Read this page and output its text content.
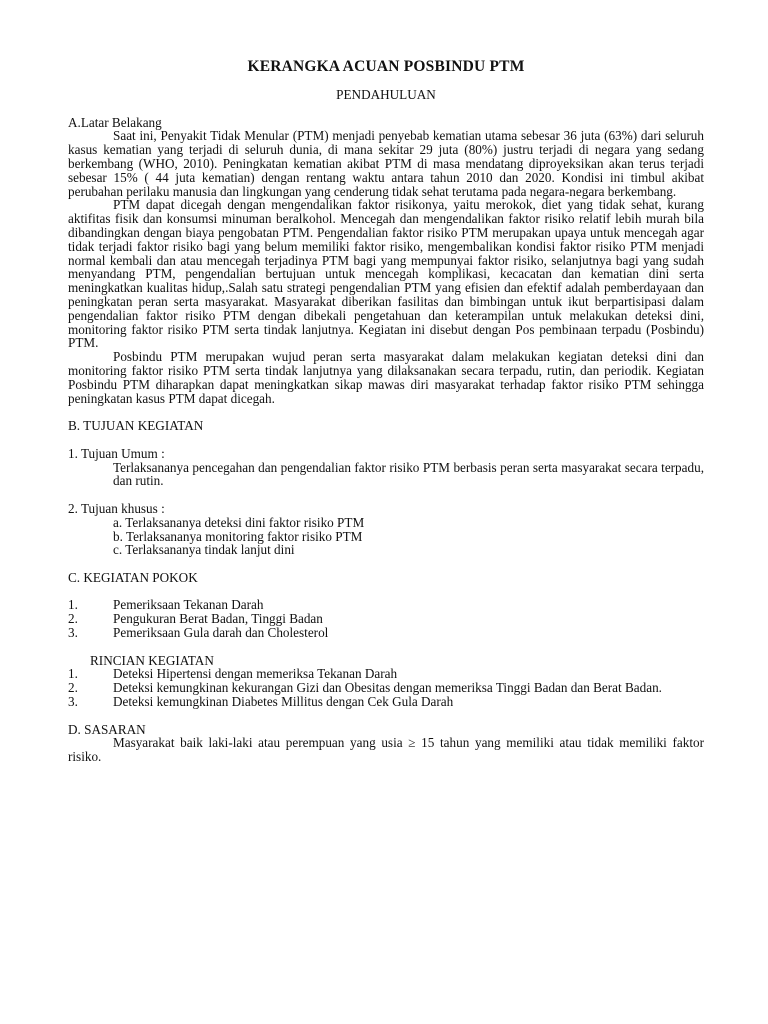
KERANGKA ACUAN POSBINDU PTM
PENDAHULUAN

A.Latar Belakang

Saat ini, Penyakit Tidak Menular (PTM) menjadi penyebab kematian utama sebesar 36 juta (63%) dari seluruh kasus kematian yang terjadi di seluruh dunia, di mana sekitar 29 juta (80%) justru terjadi di negara yang sedang berkembang (WHO, 2010). Peningkatan kematian akibat PTM di masa mendatang diproyeksikan akan terus terjadi sebesar 15% ( 44 juta kematian) dengan rentang waktu antara tahun 2010 dan 2020. Kondisi ini timbul akibat perubahan perilaku manusia dan lingkungan yang cenderung tidak sehat terutama pada negara-negara berkembang.

PTM dapat dicegah dengan mengendalikan faktor risikonya, yaitu merokok, diet yang tidak sehat, kurang aktifitas fisik dan konsumsi minuman beralkohol. Mencegah dan mengendalikan faktor risiko relatif lebih murah bila dibandingkan dengan biaya pengobatan PTM. Pengendalian faktor risiko PTM merupakan upaya untuk mencegah agar tidak terjadi faktor risiko bagi yang belum memiliki faktor risiko, mengembalikan kondisi faktor risiko PTM menjadi normal kembali dan atau mencegah terjadinya PTM bagi yang mempunyai faktor risiko, selanjutnya bagi yang sudah menyandang PTM, pengendalian bertujuan untuk mencegah komplikasi, kecacatan dan kematian dini serta meningkatkan kualitas hidup,.Salah satu strategi pengendalian PTM yang efisien dan efektif adalah pemberdayaan dan peningkatan peran serta masyarakat. Masyarakat diberikan fasilitas dan bimbingan untuk ikut berpartisipasi dalam pengendalian faktor risiko PTM dengan dibekali pengetahuan dan keterampilan untuk melakukan deteksi dini, monitoring faktor risiko PTM serta tindak lanjutnya. Kegiatan ini disebut dengan Pos pembinaan terpadu (Posbindu) PTM.

Posbindu PTM merupakan wujud peran serta masyarakat dalam melakukan kegiatan deteksi dini dan monitoring faktor risiko PTM serta tindak lanjutnya yang dilaksanakan secara terpadu, rutin, dan periodik. Kegiatan Posbindu PTM diharapkan dapat meningkatkan sikap mawas diri masyarakat terhadap faktor risiko PTM sehingga peningkatan kasus PTM dapat dicegah.

B. TUJUAN KEGIATAN

1. Tujuan Umum :

Terlaksananya pencegahan dan pengendalian faktor risiko PTM berbasis peran serta masyarakat secara terpadu, dan rutin.

2. Tujuan khusus :

a. Terlaksananya deteksi dini faktor risiko PTM

b. Terlaksananya monitoring faktor risiko PTM

c. Terlaksananya tindak lanjut dini

C. KEGIATAN POKOK

1.	Pemeriksaan Tekanan Darah
2.	Pengukuran Berat Badan, Tinggi Badan
3.	Pemeriksaan Gula darah dan Cholesterol

RINCIAN KEGIATAN

1.	Deteksi Hipertensi dengan memeriksa Tekanan Darah
2.	Deteksi kemungkinan kekurangan Gizi dan Obesitas dengan memeriksa Tinggi Badan dan Berat Badan.
3.	Deteksi kemungkinan Diabetes Millitus dengan Cek Gula Darah

D. SASARAN

Masyarakat baik laki-laki atau perempuan yang usia ≥ 15 tahun yang memiliki atau tidak memiliki faktor risiko.
